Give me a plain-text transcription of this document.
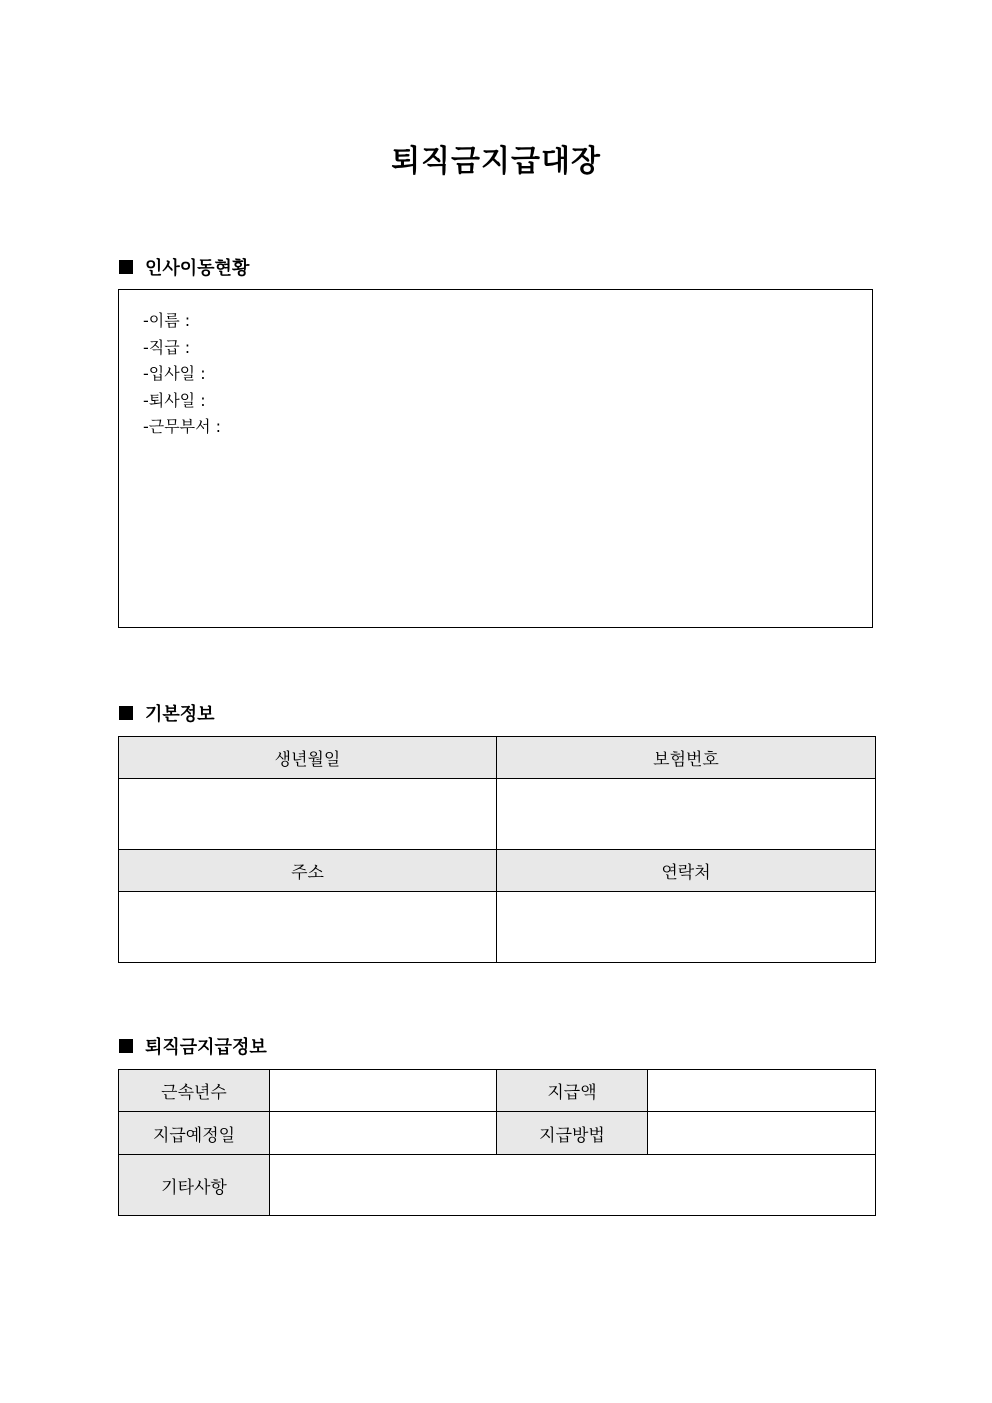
퇴직금지급대장
인사이동현황
-이름 :
-직급 :
-입사일 :
-퇴사일 :
-근무부서 :
기본정보
생년월일	보험번호

주소	연락처

퇴직금지급정보
근속년수		지급액	
지급예정일		지급방법	
기타사항			
